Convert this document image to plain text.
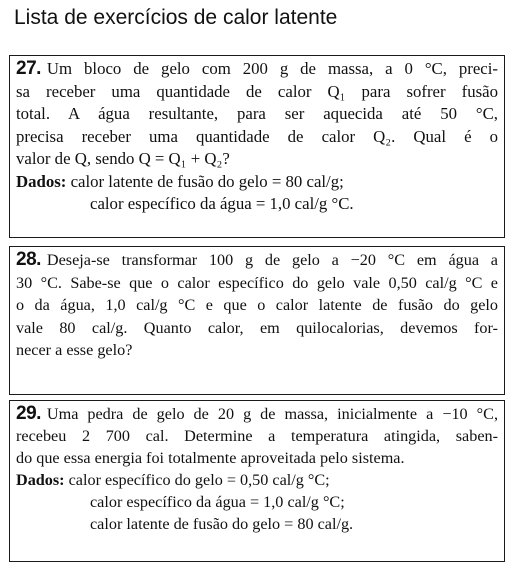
Lista de exercícios de calor latente

27. Um bloco de gelo com 200 g de massa, a 0 °C, preci-

sa receber uma quantidade de calor Q₁ para sofrer fusão

total. A água resultante, para ser aquecida até 50 °C,

precisa receber uma quantidade de calor Q₂. Qual é o

valor de Q, sendo Q = Q₁ + Q₂?

Dados: calor latente de fusão do gelo = 80 cal/g;

calor específico da água = 1,0 cal/g °C.

28. Deseja-se transformar 100 g de gelo a −20 °C em água a

30 °C. Sabe-se que o calor específico do gelo vale 0,50 cal/g °C e

o da água, 1,0 cal/g °C e que o calor latente de fusão do gelo

vale 80 cal/g. Quanto calor, em quilocalorias, devemos for-

necer a esse gelo?

29. Uma pedra de gelo de 20 g de massa, inicialmente a −10 °C,

recebeu 2 700 cal. Determine a temperatura atingida, saben-

do que essa energia foi totalmente aproveitada pelo sistema.

Dados: calor específico do gelo = 0,50 cal/g °C;

calor específico da água = 1,0 cal/g °C;

calor latente de fusão do gelo = 80 cal/g.
